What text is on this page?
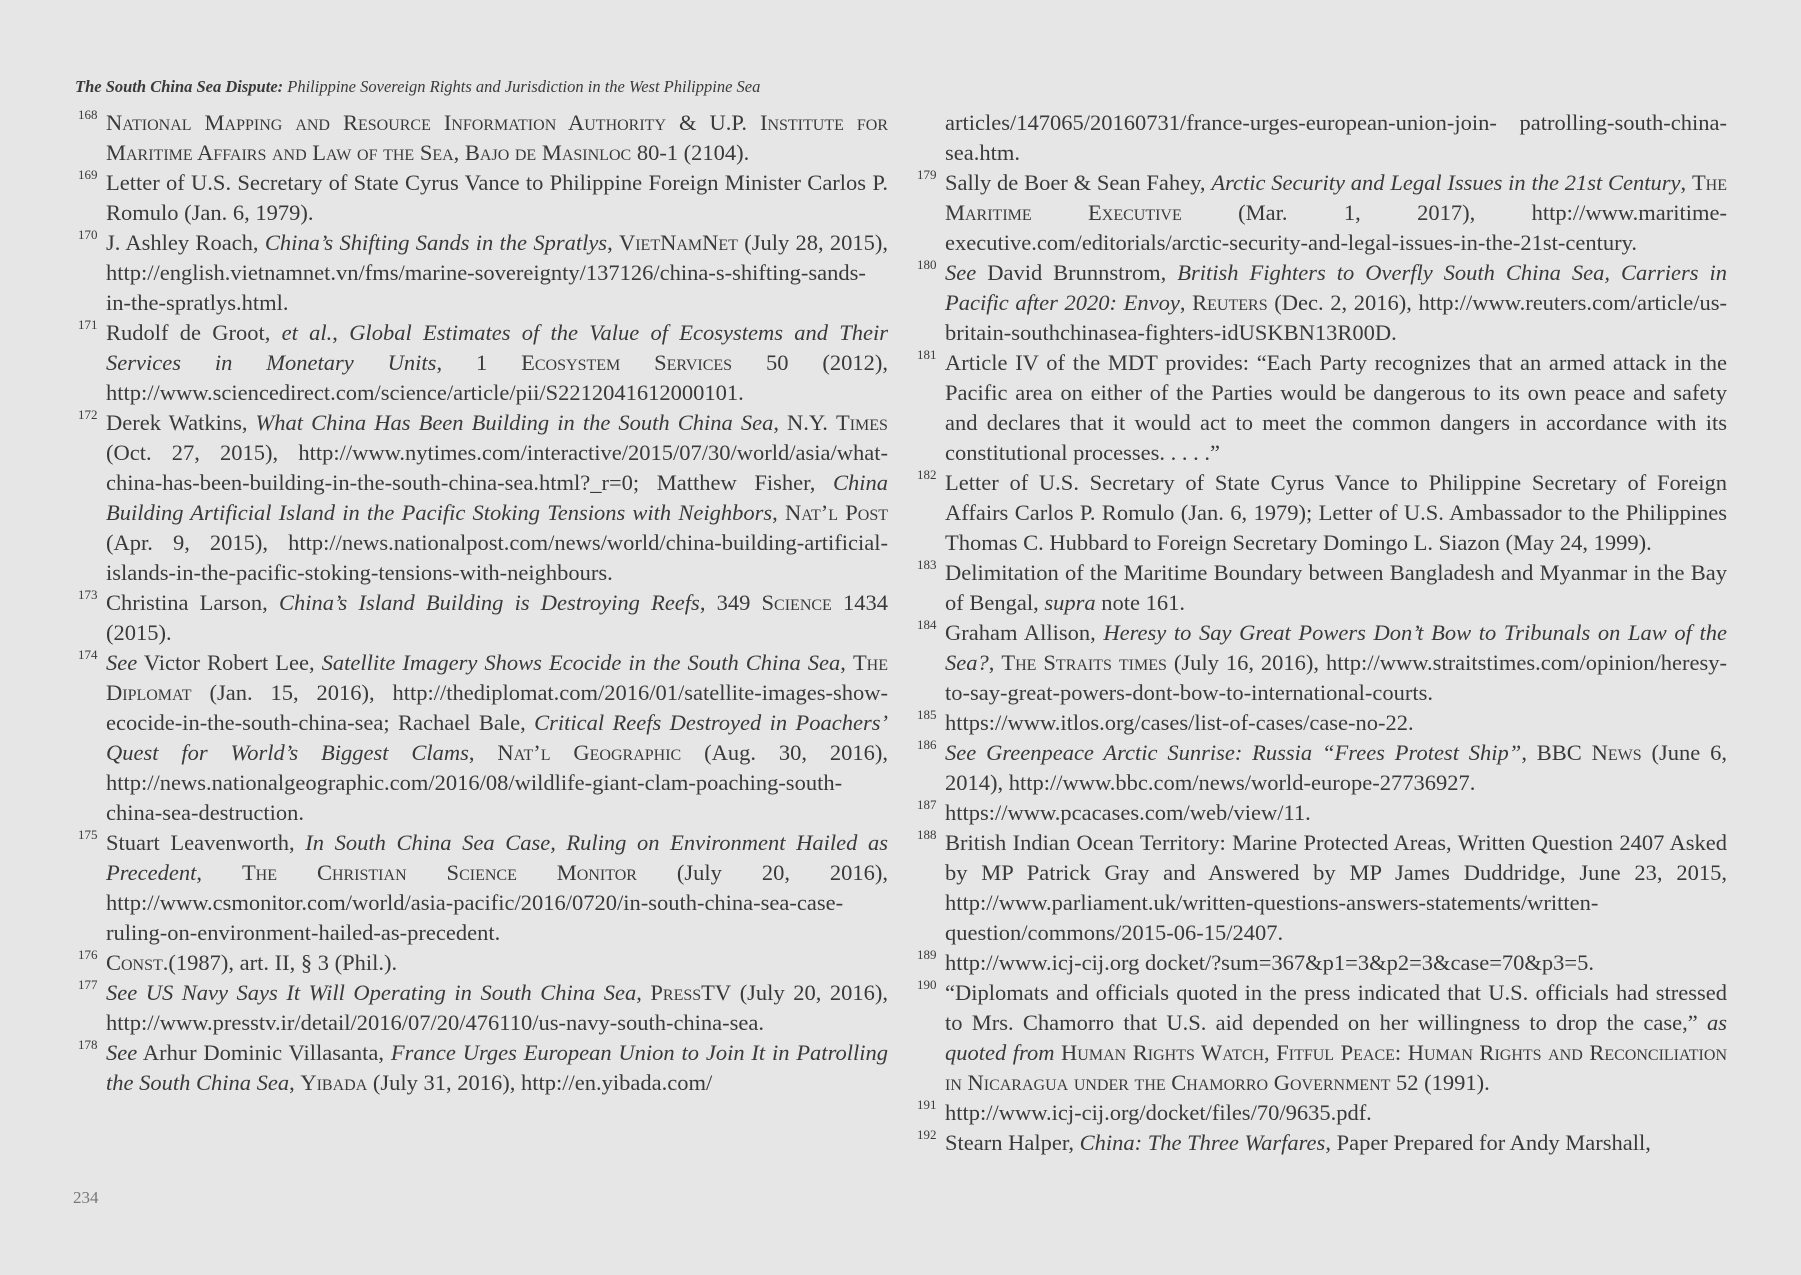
The South China Sea Dispute: Philippine Sovereign Rights and Jurisdiction in the West Philippine Sea

168 National Mapping and Resource Information Authority & U.P. Institute for Maritime Affairs and Law of the Sea, Bajo de Masinloc 80-1 (2104).

169 Letter of U.S. Secretary of State Cyrus Vance to Philippine Foreign Minister Carlos P. Romulo (Jan. 6, 1979).

170 J. Ashley Roach, China’s Shifting Sands in the Spratlys, VietNamNet (July 28, 2015), http://english.vietnamnet.vn/fms/marine-sovereignty/137126/china-s-shifting-sands-in-the-spratlys.html.

171 Rudolf de Groot, et al., Global Estimates of the Value of Ecosystems and Their Services in Monetary Units, 1 Ecosystem Services 50 (2012), http://www.sciencedirect.com/science/article/pii/S2212041612000101.

172 Derek Watkins, What China Has Been Building in the South China Sea, N.Y. Times (Oct. 27, 2015), http://www.nytimes.com/interactive/2015/07/30/world/asia/what-china-has-been-building-in-the-south-china-sea.html?_r=0; Matthew Fisher, China Building Artificial Island in the Pacific Stoking Tensions with Neighbors, Nat’l Post (Apr. 9, 2015), http://news.nationalpost.com/news/world/china-building-artificial-islands-in-the-pacific-stoking-tensions-with-neighbours.

173 Christina Larson, China’s Island Building is Destroying Reefs, 349 Science 1434 (2015).

174 See Victor Robert Lee, Satellite Imagery Shows Ecocide in the South China Sea, The Diplomat (Jan. 15, 2016), http://thediplomat.com/2016/01/satellite-images-show-ecocide-in-the-south-china-sea; Rachael Bale, Critical Reefs Destroyed in Poachers’ Quest for World’s Biggest Clams, Nat’l Geographic (Aug. 30, 2016), http://news.nationalgeographic.com/2016/08/wildlife-giant-clam-poaching-south-china-sea-destruction.

175 Stuart Leavenworth, In South China Sea Case, Ruling on Environment Hailed as Precedent, The Christian Science Monitor (July 20, 2016), http://www.csmonitor.com/world/asia-pacific/2016/0720/in-south-china-sea-case-ruling-on-environment-hailed-as-precedent.

176 Const.(1987), art. II, § 3 (Phil.).

177 See US Navy Says It Will Operating in South China Sea, PressTV (July 20, 2016), http://www.presstv.ir/detail/2016/07/20/476110/us-navy-south-china-sea.

178 See Arhur Dominic Villasanta, France Urges European Union to Join It in Patrolling the South China Sea, Yibada (July 31, 2016), http://en.yibada.com/

articles/147065/20160731/france-urges-european-union-join- patrolling-south-china-sea.htm.

179 Sally de Boer & Sean Fahey, Arctic Security and Legal Issues in the 21st Century, The Maritime Executive (Mar. 1, 2017), http://www.maritime-executive.com/editorials/arctic-security-and-legal-issues-in-the-21st-century.

180 See David Brunnstrom, British Fighters to Overfly South China Sea, Carriers in Pacific after 2020: Envoy, Reuters (Dec. 2, 2016), http://www.reuters.com/article/us-britain-southchinasea-fighters-idUSKBN13R00D.

181 Article IV of the MDT provides: “Each Party recognizes that an armed attack in the Pacific area on either of the Parties would be dangerous to its own peace and safety and declares that it would act to meet the common dangers in accordance with its constitutional processes. . . . .”

182 Letter of U.S. Secretary of State Cyrus Vance to Philippine Secretary of Foreign Affairs Carlos P. Romulo (Jan. 6, 1979); Letter of U.S. Ambassador to the Philippines Thomas C. Hubbard to Foreign Secretary Domingo L. Siazon (May 24, 1999).

183 Delimitation of the Maritime Boundary between Bangladesh and Myanmar in the Bay of Bengal, supra note 161.

184 Graham Allison, Heresy to Say Great Powers Don’t Bow to Tribunals on Law of the Sea?, The Straits times (July 16, 2016), http://www.straitstimes.com/opinion/heresy-to-say-great-powers-dont-bow-to-international-courts.

185 https://www.itlos.org/cases/list-of-cases/case-no-22.

186 See Greenpeace Arctic Sunrise: Russia “Frees Protest Ship”, BBC News (June 6, 2014), http://www.bbc.com/news/world-europe-27736927.

187 https://www.pcacases.com/web/view/11.

188 British Indian Ocean Territory: Marine Protected Areas, Written Question 2407 Asked by MP Patrick Gray and Answered by MP James Duddridge, June 23, 2015, http://www.parliament.uk/written-questions-answers-statements/written-question/commons/2015-06-15/2407.

189 http://www.icj-cij.org docket/?sum=367&p1=3&p2=3&case=70&p3=5.

190 “Diplomats and officials quoted in the press indicated that U.S. officials had stressed to Mrs. Chamorro that U.S. aid depended on her willingness to drop the case,” as quoted from Human Rights Watch, Fitful Peace: Human Rights and Reconciliation in Nicaragua under the Chamorro Government 52 (1991).

191 http://www.icj-cij.org/docket/files/70/9635.pdf.

192 Stearn Halper, China: The Three Warfares, Paper Prepared for Andy Marshall,

234
